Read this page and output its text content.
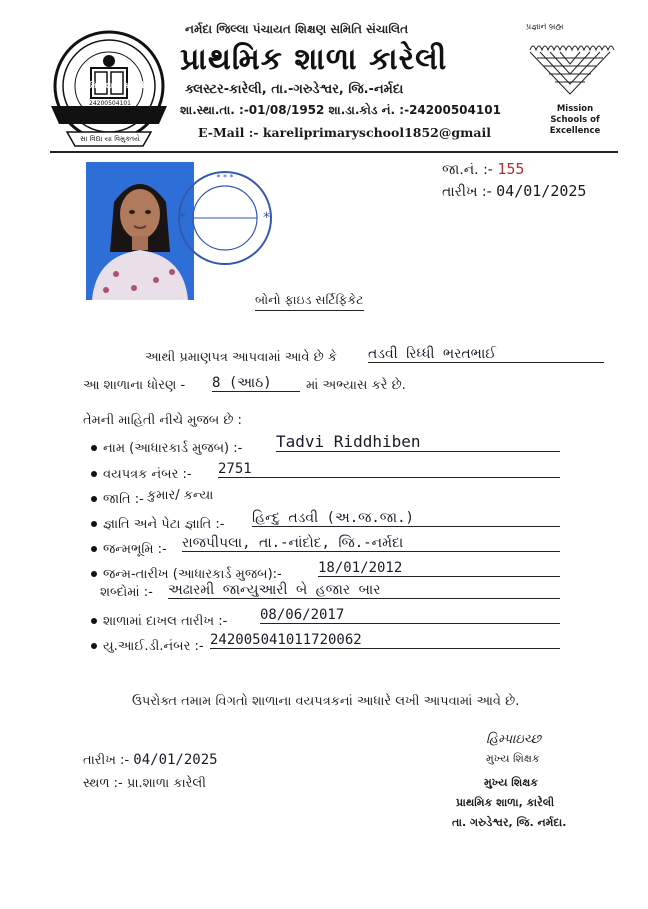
પ્રાથમિક શાળા કારેલી
24200504101
સા વિદ્યા યા વિમુક્તયે
નર્મદા જિલ્લા પંચાયત શિક્ષણ સમિતિ સંચાલિત
પ્રાથમિક શાળા કારેલી
ક્લસ્ટર-કારેલી, તા.-ગરુડેશ્વર, જિ.-નર્મદા
શા.સ્થા.તા. :-01/08/1952 શા.ડા.કોડ નં. :-24200504101
E-Mail :- kareliprimaryschool1852@gmail
પ્રજ્ઞાનં બ્રહ્મ
Mission
Schools of Excellence
જા.નં. :- 155
તારીખ :- 04/01/2025
* * *
*	*
બોનો ફાઇડ સર્ટિફિકેટ
આથી પ્રમાણપત્ર આપવામાં આવે છે કે તડવી રિધ્ધી ભરતભાઈ
આ શાળાના ધોરણ - 8 (આઠ)	માં અભ્યાસ કરે છે.
તેમની માહિતી નીચે મુજબ છે :
નામ (આધારકાર્ડ મુજબ) :- Tadvi Riddhiben
વયપત્રક નંબર :- 2751
જાતિ :- કુમાર/ કન્યા
જ્ઞાતિ અને પેટા જ્ઞાતિ :- હિન્દુ તડવી (અ.જ.જા.)
જન્મભૂમિ :- રાજપીપલા, તા.-નાંદોદ, જિ.-નર્મદા
જન્મ-તારીખ (આધારકાર્ડ મુજબ):-	18/01/2012
શબ્દોમાં :- અઢારમી જાન્યુઆરી બે હજાર બાર
શાળામાં દાખલ તારીખ :- 08/06/2017
યુ.આઈ.ડી.નંબર :- 242005041011720062
ઉપરોક્ત તમામ વિગતો શાળાના વયપત્રકનાં આધારે લખી આપવામાં આવે છે.
તારીખ :- 04/01/2025
સ્થળ :- પ્રા.શાળા કારેલી
હિમ્પાઇચ્છ
મુખ્ય શિક્ષક
મુખ્ય શિક્ષક
પ્રાથમિક શાળા, કારેલી
તા. ગરુડેશ્વર, જિ. નર્મદા.
